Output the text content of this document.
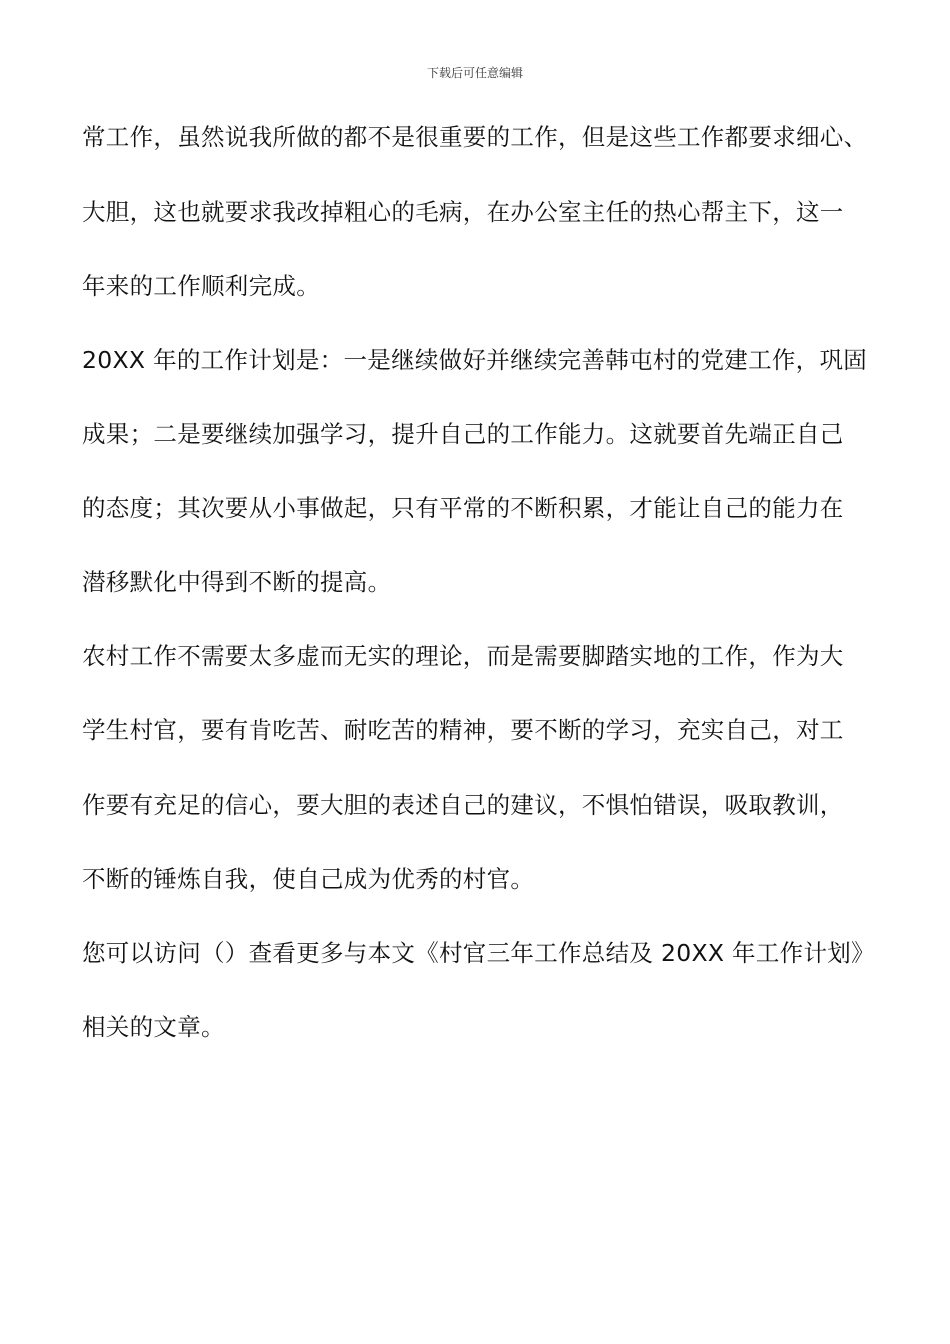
下载后可任意编辑
常工作，虽然说我所做的都不是很重要的工作，但是这些工作都要求细心、
大胆，这也就要求我改掉粗心的毛病，在办公室主任的热心帮主下，这一
年来的工作顺利完成。
20XX 年的工作计划是：一是继续做好并继续完善韩屯村的党建工作，巩固
成果；二是要继续加强学习，提升自己的工作能力。这就要首先端正自己
的态度；其次要从小事做起，只有平常的不断积累，才能让自己的能力在
潜移默化中得到不断的提高。
农村工作不需要太多虚而无实的理论，而是需要脚踏实地的工作，作为大
学生村官，要有肯吃苦、耐吃苦的精神，要不断的学习，充实自己，对工
作要有充足的信心，要大胆的表述自己的建议，不惧怕错误，吸取教训，
不断的锤炼自我，使自己成为优秀的村官。
您可以访问（）查看更多与本文《村官三年工作总结及 20XX 年工作计划》
相关的文章。
